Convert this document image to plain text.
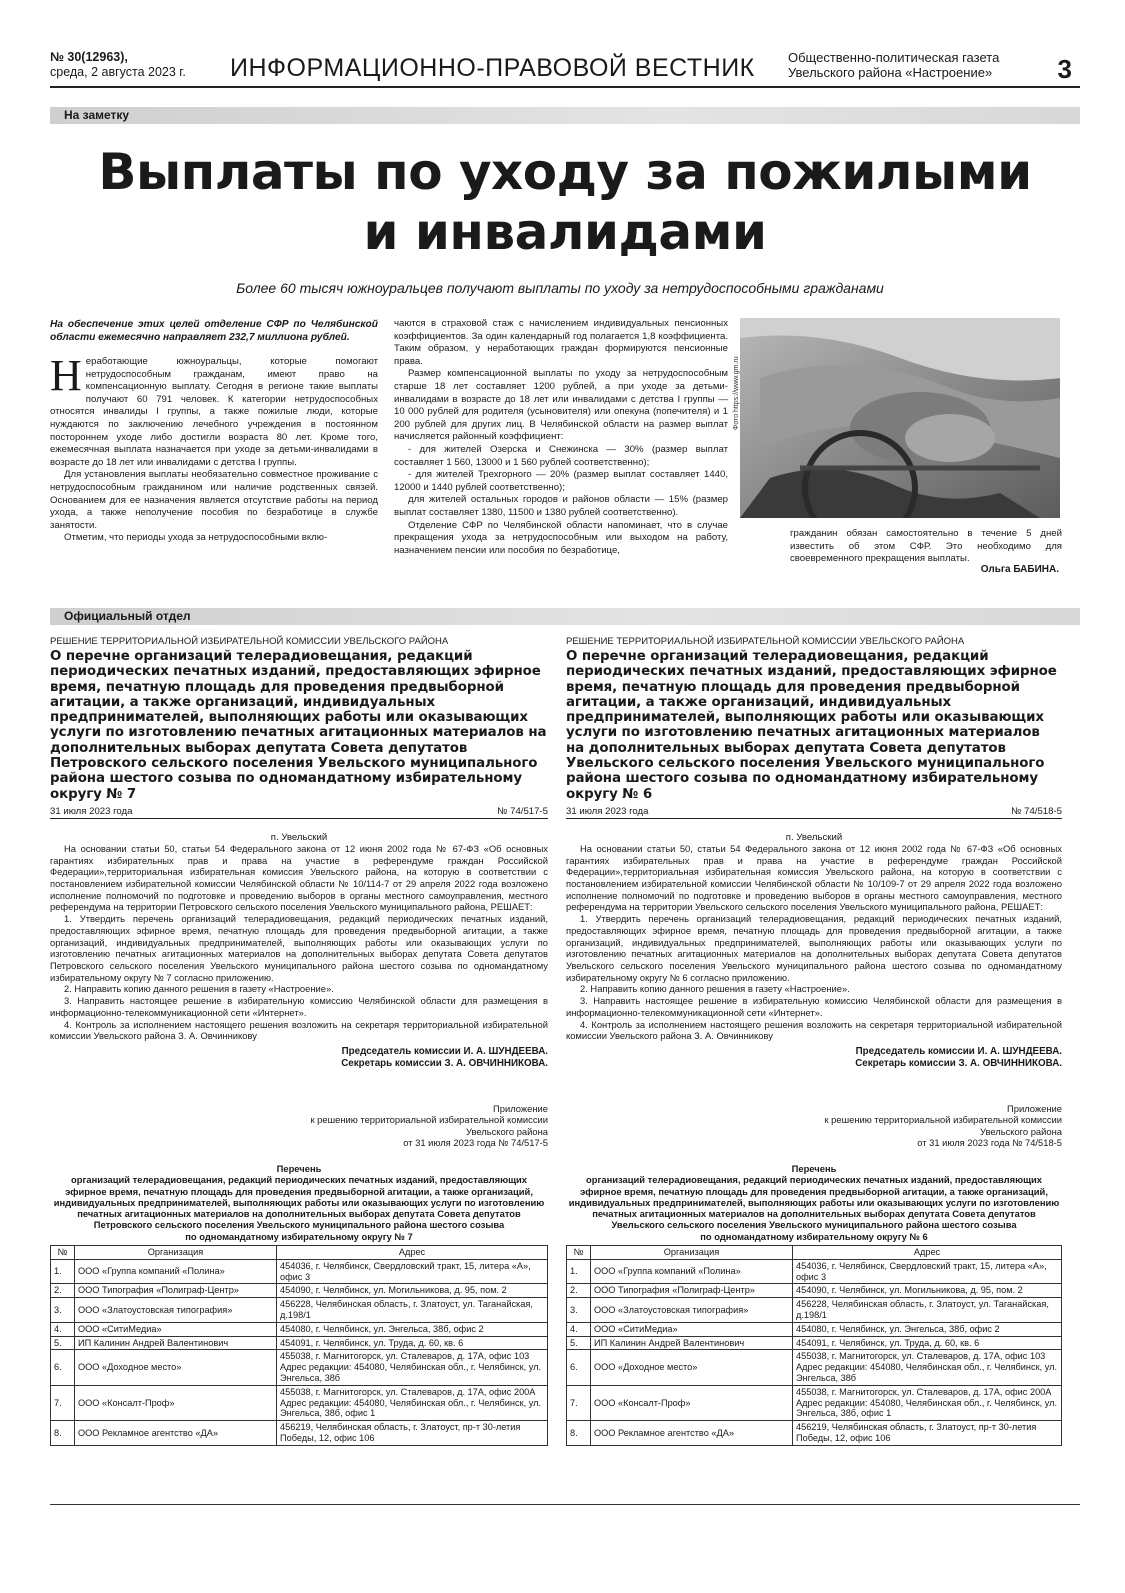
№ 30(12963),
среда, 2 августа 2023 г. ИНФОРМАЦИОННО-ПРАВОВОЙ ВЕСТНИК	Общественно-политическая газета
Увельского района «Настроение»	3
На заметку
Выплаты по уходу за пожилыми
и инвалидами
Более 60 тысяч южноуральцев получают выплаты по уходу за нетрудоспособными гражданами

На обеспечение этих целей отделение СФР по Челябинской области ежемесячно направляет 232,7 миллиона рублей.

Неработающие южноуральцы, которые помогают нетрудоспособным гражданам, имеют право на компенсационную выплату. Сегодня в регионе такие выплаты получают 60 791 человек. К категории нетрудоспособных относятся инвалиды I группы, а также пожилые люди, которые нуждаются по заключению лечебного учреждения в постоянном постороннем уходе либо достигли возраста 80 лет. Кроме того, ежемесячная выплата назначается при уходе за детьми-инвалидами в возрасте до 18 лет или инвалидами с детства I группы.

Для установления выплаты необязательно совместное проживание с нетрудоспособным гражданином или наличие родственных связей. Основанием для ее назначения является отсутствие работы на период ухода, а также неполучение пособия по безработице в службе занятости.

Отметим, что периоды ухода за нетрудоспособными вклю-

чаются в страховой стаж с начислением индивидуальных пенсионных коэффициентов. За один календарный год полагается 1,8 коэффициента. Таким образом, у неработающих граждан формируются пенсионные права.

Размер компенсационной выплаты по уходу за нетрудоспособным старше 18 лет составляет 1200 рублей, а при уходе за детьми-инвалидами в возрасте до 18 лет или инвалидами с детства I группы — 10 000 рублей для родителя (усыновителя) или опекуна (попечителя) и 1 200 рублей для других лиц. В Челябинской области на размер выплат начисляется районный коэффициент:

- для жителей Озерска и Снежинска — 30% (размер выплат составляет 1 560, 13000 и 1 560 рублей соответственно);

- для жителей Трехгорного — 20% (размер выплат составляет 1440, 12000 и 1440 рублей соответственно);

для жителей остальных городов и районов области — 15% (размер выплат составляет 1380, 11500 и 1380 рублей соответственно).

Отделение СФР по Челябинской области напоминает, что в случае прекращения ухода за нетрудоспособным или выходом на работу, назначением пенсии или пособия по безработице,

Фото https://www.gm.ru

гражданин обязан самостоятельно в течение 5 дней известить об этом СФР. Это необходимо для своевременного прекращения выплаты.

Ольга БАБИНА.
Официальный отдел
РЕШЕНИЕ ТЕРРИТОРИАЛЬНОЙ ИЗБИРАТЕЛЬНОЙ КОМИССИИ УВЕЛЬСКОГО РАЙОНА
О перечне организаций телерадиовещания, редакций периодических печатных изданий, предоставляющих эфирное время, печатную площадь для проведения предвыборной агитации, а также организаций, индивидуальных предпринимателей, выполняющих работы или оказывающих услуги по изготовлению печатных агитационных материалов на дополнительных выборах депутата Совета депутатов Петровского сельского поселения Увельского муниципального района шестого созыва по одномандатному избирательному округу № 7
31 июля 2023 года	№ 74/517-5
п. Увельский

На основании статьи 50, статьи 54 Федерального закона от 12 июня 2002 года № 67-ФЗ «Об основных гарантиях избирательных прав и права на участие в референдуме граждан Российской Федерации»,территориальная избирательная комиссия Увельского района, на которую в соответствии с постановлением избирательной комиссии Челябинской области № 10/114-7 от 29 апреля 2022 года возложено исполнение полномочий по подготовке и проведению выборов в органы местного самоуправления, местного референдума на территории Петровского сельского поселения Увельского муниципального района, РЕШАЕТ:

1. Утвердить перечень организаций телерадиовещания, редакций периодических печатных изданий, предоставляющих эфирное время, печатную площадь для проведения предвыборной агитации, а также организаций, индивидуальных предпринимателей, выполняющих работы или оказывающих услуги по изготовлению печатных агитационных материалов на дополнительных выборах депутата Совета депутатов Петровского сельского поселения Увельского муниципального района шестого созыва по одномандатному избирательному округу № 7 согласно приложению.

2. Направить копию данного решения в газету «Настроение».

3. Направить настоящее решение в избирательную комиссию Челябинской области для размещения в информационно-телекоммуникационной сети «Интернет».

4. Контроль за исполнением настоящего решения возложить на секретаря территориальной избирательной комиссии Увельского района З. А. Овчинникову

Председатель комиссии И. А. ШУНДЕЕВА.
Секретарь комиссии З. А. ОВЧИННИКОВА.
Приложение
к решению территориальной избирательной комиссии
Увельского района
от 31 июля 2023 года № 74/517-5
Перечень
организаций телерадиовещания, редакций периодических печатных изданий, предоставляющих эфирное время, печатную площадь для проведения предвыборной агитации, а также организаций, индивидуальных предпринимателей, выполняющих работы или оказывающих услуги по изготовлению печатных агитационных материалов на дополнительных выборах депутата Совета депутатов Петровского сельского поселения Увельского муниципального района шестого созыва
по одномандатному избирательному округу № 7
№	Организация	Адрес
1.	ООО «Группа компаний «Полина»	454036, г. Челябинск, Свердловский тракт, 15, литера «А», офис 3
2.	ООО Типография «Полиграф-Центр»	454090, г. Челябинск, ул. Могильникова, д. 95, пом. 2
3.	ООО «Златоустовская типография»	456228, Челябинская область, г. Златоуст, ул. Таганайская, д.198/1
4.	ООО «СитиМедиа»	454080, г. Челябинск, ул. Энгельса, 38б, офис 2
5.	ИП Калинин Андрей Валентинович	454091, г. Челябинск, ул. Труда, д. 60, кв. 6
6.	ООО «Доходное место»	455038, г. Магнитогорск, ул. Сталеваров, д. 17А, офис 103 Адрес редакции: 454080, Челябинская обл., г. Челябинск, ул. Энгельса, 38б
7.	ООО «Консалт-Проф»	455038, г. Магнитогорск, ул. Сталеваров, д. 17А, офис 200А Адрес редакции: 454080, Челябинская обл., г. Челябинск, ул. Энгельса, 38б, офис 1
8.	ООО Рекламное агентство «ДА»	456219, Челябинская область, г. Златоуст, пр-т 30-летия Победы, 12, офис 106
РЕШЕНИЕ ТЕРРИТОРИАЛЬНОЙ ИЗБИРАТЕЛЬНОЙ КОМИССИИ УВЕЛЬСКОГО РАЙОНА
О перечне организаций телерадиовещания, редакций периодических печатных изданий, предоставляющих эфирное время, печатную площадь для проведения предвыборной агитации, а также организаций, индивидуальных предпринимателей, выполняющих работы или оказывающих услуги по изготовлению печатных агитационных материалов на дополнительных выборах депутата Совета депутатов Увельского сельского поселения Увельского муниципального района шестого созыва по одномандатному избирательному округу № 6
31 июля 2023 года	№ 74/518-5
п. Увельский

На основании статьи 50, статьи 54 Федерального закона от 12 июня 2002 года № 67-ФЗ «Об основных гарантиях избирательных прав и права на участие в референдуме граждан Российской Федерации»,территориальная избирательная комиссия Увельского района, на которую в соответствии с постановлением избирательной комиссии Челябинской области № 10/109-7 от 29 апреля 2022 года возложено исполнение полномочий по подготовке и проведению выборов в органы местного самоуправления, местного референдума на территории Увельского сельского поселения Увельского муниципального района, РЕШАЕТ:

1. Утвердить перечень организаций телерадиовещания, редакций периодических печатных изданий, предоставляющих эфирное время, печатную площадь для проведения предвыборной агитации, а также организаций, индивидуальных предпринимателей, выполняющих работы или оказывающих услуги по изготовлению печатных агитационных материалов на дополнительных выборах депутата Совета депутатов Увельского сельского поселения Увельского муниципального района шестого созыва по одномандатному избирательному округу № 6 согласно приложению.

2. Направить копию данного решения в газету «Настроение».

3. Направить настоящее решение в избирательную комиссию Челябинской области для размещения в информационно-телекоммуникационной сети «Интернет».

4. Контроль за исполнением настоящего решения возложить на секретаря территориальной избирательной комиссии Увельского района З. А. Овчинникову

Председатель комиссии И. А. ШУНДЕЕВА.
Секретарь комиссии З. А. ОВЧИННИКОВА.
Приложение
к решению территориальной избирательной комиссии
Увельского района
от 31 июля 2023 года № 74/518-5
Перечень
организаций телерадиовещания, редакций периодических печатных изданий, предоставляющих эфирное время, печатную площадь для проведения предвыборной агитации, а также организаций, индивидуальных предпринимателей, выполняющих работы или оказывающих услуги по изготовлению печатных агитационных материалов на дополнительных выборах депутата Совета депутатов Увельского сельского поселения Увельского муниципального района шестого созыва
по одномандатному избирательному округу № 6
№	Организация	Адрес
1.	ООО «Группа компаний «Полина»	454036, г. Челябинск, Свердловский тракт, 15, литера «А», офис 3
2.	ООО Типография «Полиграф-Центр»	454090, г. Челябинск, ул. Могильникова, д. 95, пом. 2
3.	ООО «Златоустовская типография»	456228, Челябинская область, г. Златоуст, ул. Таганайская, д.198/1
4.	ООО «СитиМедиа»	454080, г. Челябинск, ул. Энгельса, 38б, офис 2
5.	ИП Калинин Андрей Валентинович	454091, г. Челябинск, ул. Труда, д. 60, кв. 6
6.	ООО «Доходное место»	455038, г. Магнитогорск, ул. Сталеваров, д. 17А, офис 103 Адрес редакции: 454080, Челябинская обл., г. Челябинск, ул. Энгельса, 38б
7.	ООО «Консалт-Проф»	455038, г. Магнитогорск, ул. Сталеваров, д. 17А, офис 200А Адрес редакции: 454080, Челябинская обл., г. Челябинск, ул. Энгельса, 38б, офис 1
8.	ООО Рекламное агентство «ДА»	456219, Челябинская область, г. Златоуст, пр-т 30-летия Победы, 12, офис 106
